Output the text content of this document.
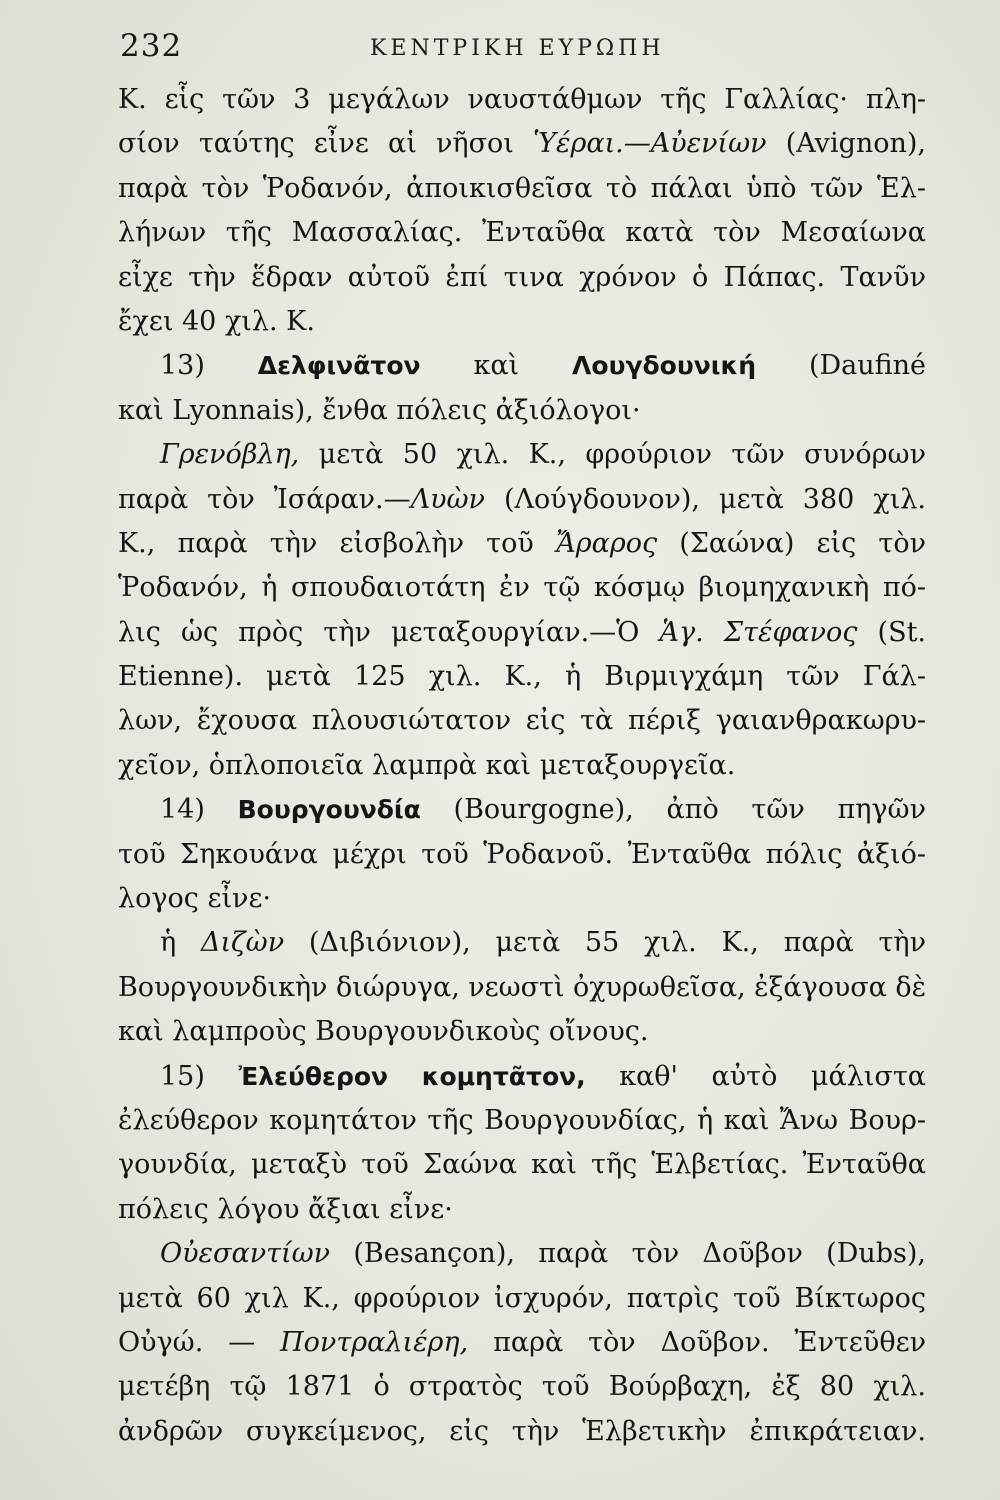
232	ΚΕΝΤΡΙΚΗ ΕΥΡΩΠΗ
Κ. εἷς τῶν 3 μεγάλων ναυστάθμων τῆς Γαλλίας· πλη-
σίον ταύτης εἶνε αἱ νῆσοι Ὑέραι.—Αὐενίων (Avignon),
παρὰ τὸν Ῥοδανόν, ἀποικισθεῖσα τὸ πάλαι ὑπὸ τῶν Ἑλ-
λήνων τῆς Μασσαλίας. Ἐνταῦθα κατὰ τὸν Μεσαίωνα
εἶχε τὴν ἕδραν αὐτοῦ ἐπί τινα χρόνον ὁ Πάπας. Τανῦν
ἔχει 40 χιλ. Κ.
13) Δελφινᾶτον καὶ Λουγδουνική (Daufiné
καὶ Lyonnais), ἔνθα πόλεις ἀξιόλογοι·
Γρενόβλη, μετὰ 50 χιλ. Κ., φρούριον τῶν συνόρων
παρὰ τὸν Ἰσάραν.—Λυὼν (Λούγδουνον), μετὰ 380 χιλ.
Κ., παρὰ τὴν εἰσβολὴν τοῦ Ἄραρος (Σαώνα) εἰς τὸν
Ῥοδανόν, ἡ σπουδαιοτάτη ἐν τῷ κόσμῳ βιομηχανικὴ πό-
λις ὡς πρὸς τὴν μεταξουργίαν.—Ὁ Ἁγ. Στέφανος (St.
Etienne). μετὰ 125 χιλ. Κ., ἡ Βιρμιγχάμη τῶν Γάλ-
λων, ἔχουσα πλουσιώτατον εἰς τὰ πέριξ γαιανθρακωρυ-
χεῖον, ὁπλοποιεῖα λαμπρὰ καὶ μεταξουργεῖα.
14) Βουργουνδία (Bourgogne), ἀπὸ τῶν πηγῶν
τοῦ Σηκουάνα μέχρι τοῦ Ῥοδανοῦ. Ἐνταῦθα πόλις ἀξιό-
λογος εἶνε·
ἡ Διζὼν (Διβιόνιον), μετὰ 55 χιλ. Κ., παρὰ τὴν
Βουργουνδικὴν διώρυγα, νεωστὶ ὀχυρωθεῖσα, ἐξάγουσα δὲ
καὶ λαμπροὺς Βουργουνδικοὺς οἴνους.
15) Ἐλεύθερον κομητᾶτον, καθ' αὐτὸ μάλιστα
ἐλεύθερον κομητάτον τῆς Βουργουνδίας, ἡ καὶ Ἄνω Βουρ-
γουνδία, μεταξὺ τοῦ Σαώνα καὶ τῆς Ἑλβετίας. Ἐνταῦθα
πόλεις λόγου ἄξιαι εἶνε·
Οὐεσαντίων (Besançon), παρὰ τὸν Δοῦβον (Dubs),
μετὰ 60 χιλ Κ., φρούριον ἰσχυρόν, πατρὶς τοῦ Βίκτωρος
Οὐγώ. — Ποντραλιέρη, παρὰ τὸν Δοῦβον. Ἐντεῦθεν
μετέβη τῷ 1871 ὁ στρατὸς τοῦ Βούρβαχη, ἐξ 80 χιλ.
ἀνδρῶν συγκείμενος, εἰς τὴν Ἑλβετικὴν ἐπικράτειαν.
